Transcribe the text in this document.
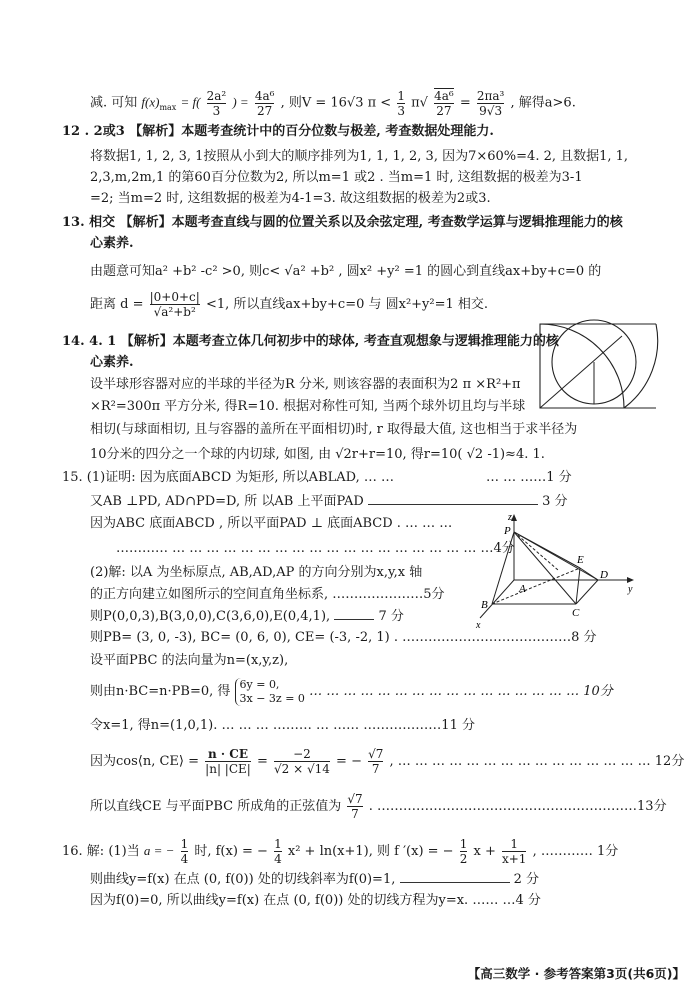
减. 可知 $f(x)_{max} = f( \frac{\text{2a²}}{3}$ ) = $\frac{\text{4a⁶}}{27}$ , 则V = 16√3 $\pi < \frac{1}{3} \pi√ \frac{\text{4a⁶}}{27} = \frac{\text{2πa³}}{9√3}$ , 解得a>6.
12 . 2或3 【解析】本题考查统计中的百分位数与极差, 考查数据处理能力.
将数据1, 1, 2, 3, 1按照从小到大的顺序排列为1, 1, 1, 2, 3, 因为7×60%=4. 2, 且数据1, 1,
2,3,m,2m,1 的第60百分位数为2, 所以m=1 或2 . 当m=1 时, 这组数据的极差为3-1
=2; 当m=2 时, 这组数据的极差为4-1=3. 故这组数据的极差为2或3.
13. 相交 【解析】本题考查直线与圆的位置关系以及余弦定理, 考查数学运算与逻辑推理能力的核
心素养.
由题意可知a² +b² -c² >0, 则c< √a² +b² , 圆x² +y² =1 的圆心到直线ax+by+c=0 的
距离 $d = \frac{|0+0+c|}{\text{√a²+b²}} <1$, 所以直线ax+by+c=0 与 圆x²+y²=1 相交.
14. 4. 1 【解析】本题考查立体几何初步中的球体, 考查直观想象与逻辑推理能力的核
心素养.
设半球形容器对应的半球的半径为R 分米, 则该容器的表面积为2 π ×R²+π
×R²=300π 平方分米, 得R=10. 根据对称性可知, 当两个球外切且均与半球
相切(与球面相切, 且与容器的盖所在平面相切)时, r 取得最大值, 这也相当于求半径为
10分米的四分之一个球的内切球, 如图, 由 √2r+r=10, 得r=10( √2 -1)≈4. 1.
15. (1)证明: 因为底面ABCD 为矩形, 所以ABLAD, … …	… … ……1 分
又AB ⊥PD, AD∩PD=D, 所 以AB 上平面PAD	3 分
因为ABC 底面ABCD , 所以平面PAD ⊥ 底面ABCD . … … …
………… … … … … … … … … … … … … … … … … … … …4分
(2)解: 以A 为坐标原点, AB,AD,AP 的方向分别为x,y,x 轴
的正方向建立如图所示的空间直角坐标系, …………………5分
则P(0,0,3),B(3,0,0),C(3,6,0),E(0,4,1),	7 分
则PB= (3, 0, -3), BC= (0, 6, 0), CE= (-3, -2, 1) . …………………………………8 分
设平面PBC 的法向量为n=(x,y,z),
则由n·BC=n·PB=0, 得 6y = 0,
3x − 3z = 0 … … … … … … … … … … … … … … … … 10分
令x=1, 得n=(1,0,1). … … … ……… … …… ………………11 分
因为cos⟨n, CE⟩ = $\frac{n \cdot CE}{|n| |CE|} = \frac{-2}{√2 \times √14}$ = − $\frac{√7}{7}$ , … … … … … … … … … … … … … … … 12分
所以直线CE 与平面PBC 所成角的正弦值为 $\frac{√7}{7}$ . ……………………………………………………13分
z
P
A
B
C
D
E
y
x
16. 解: (1)当 a = − $\frac{1}{4}$ 时, f(x) = − $\frac{1}{4} x^2 + \ln(x+1)$, 则 f ′(x) = − $\frac{1}{2}$ $x + \frac{1}{x+1}$ , ………… 1分
则曲线y=f(x) 在点 (0, f(0)) 处的切线斜率为f(0)=1,	2 分
因为f(0)=0, 所以曲线y=f(x) 在点 (0, f(0)) 处的切线方程为y=x. …… …4 分
【高三数学 · 参考答案第3页(共6页)】
